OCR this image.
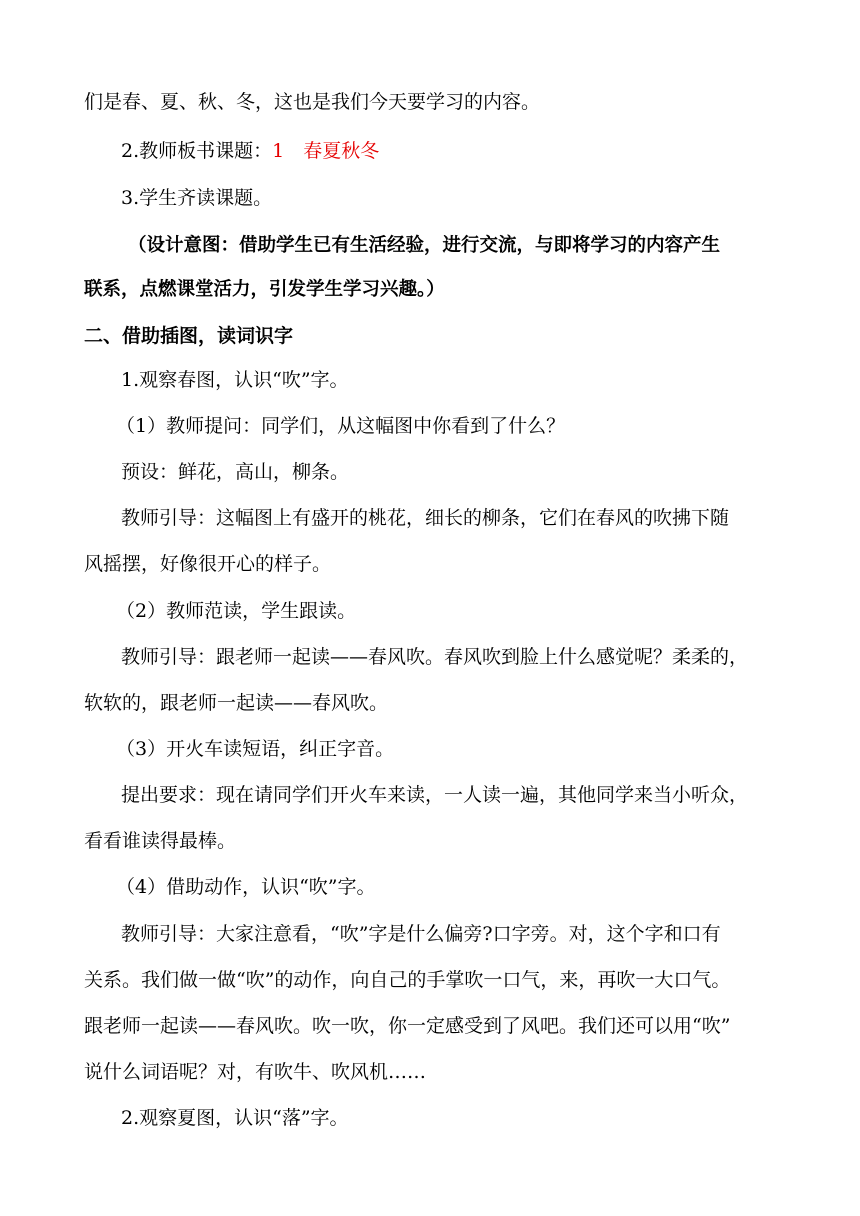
们是春、夏、秋、冬，这也是我们今天要学习的内容。
2.教师板书课题：1　春夏秋冬
3.学生齐读课题。
（设计意图：借助学生已有生活经验，进行交流，与即将学习的内容产生
联系，点燃课堂活力，引发学生学习兴趣。）
二、借助插图，读词识字
1.观察春图，认识“吹”字。
（1）教师提问：同学们，从这幅图中你看到了什么？
预设：鲜花，高山，柳条。
教师引导：这幅图上有盛开的桃花，细长的柳条，它们在春风的吹拂下随
风摇摆，好像很开心的样子。
（2）教师范读，学生跟读。
教师引导：跟老师一起读——春风吹。春风吹到脸上什么感觉呢？柔柔的，
软软的，跟老师一起读——春风吹。
（3）开火车读短语，纠正字音。
提出要求：现在请同学们开火车来读，一人读一遍，其他同学来当小听众，
看看谁读得最棒。
（4）借助动作，认识“吹”字。
教师引导：大家注意看，“吹”字是什么偏旁?口字旁。对，这个字和口有
关系。我们做一做“吹”的动作，向自己的手掌吹一口气，来，再吹一大口气。
跟老师一起读——春风吹。吹一吹，你一定感受到了风吧。我们还可以用“吹”
说什么词语呢？对，有吹牛、吹风机……
2.观察夏图，认识“落”字。
